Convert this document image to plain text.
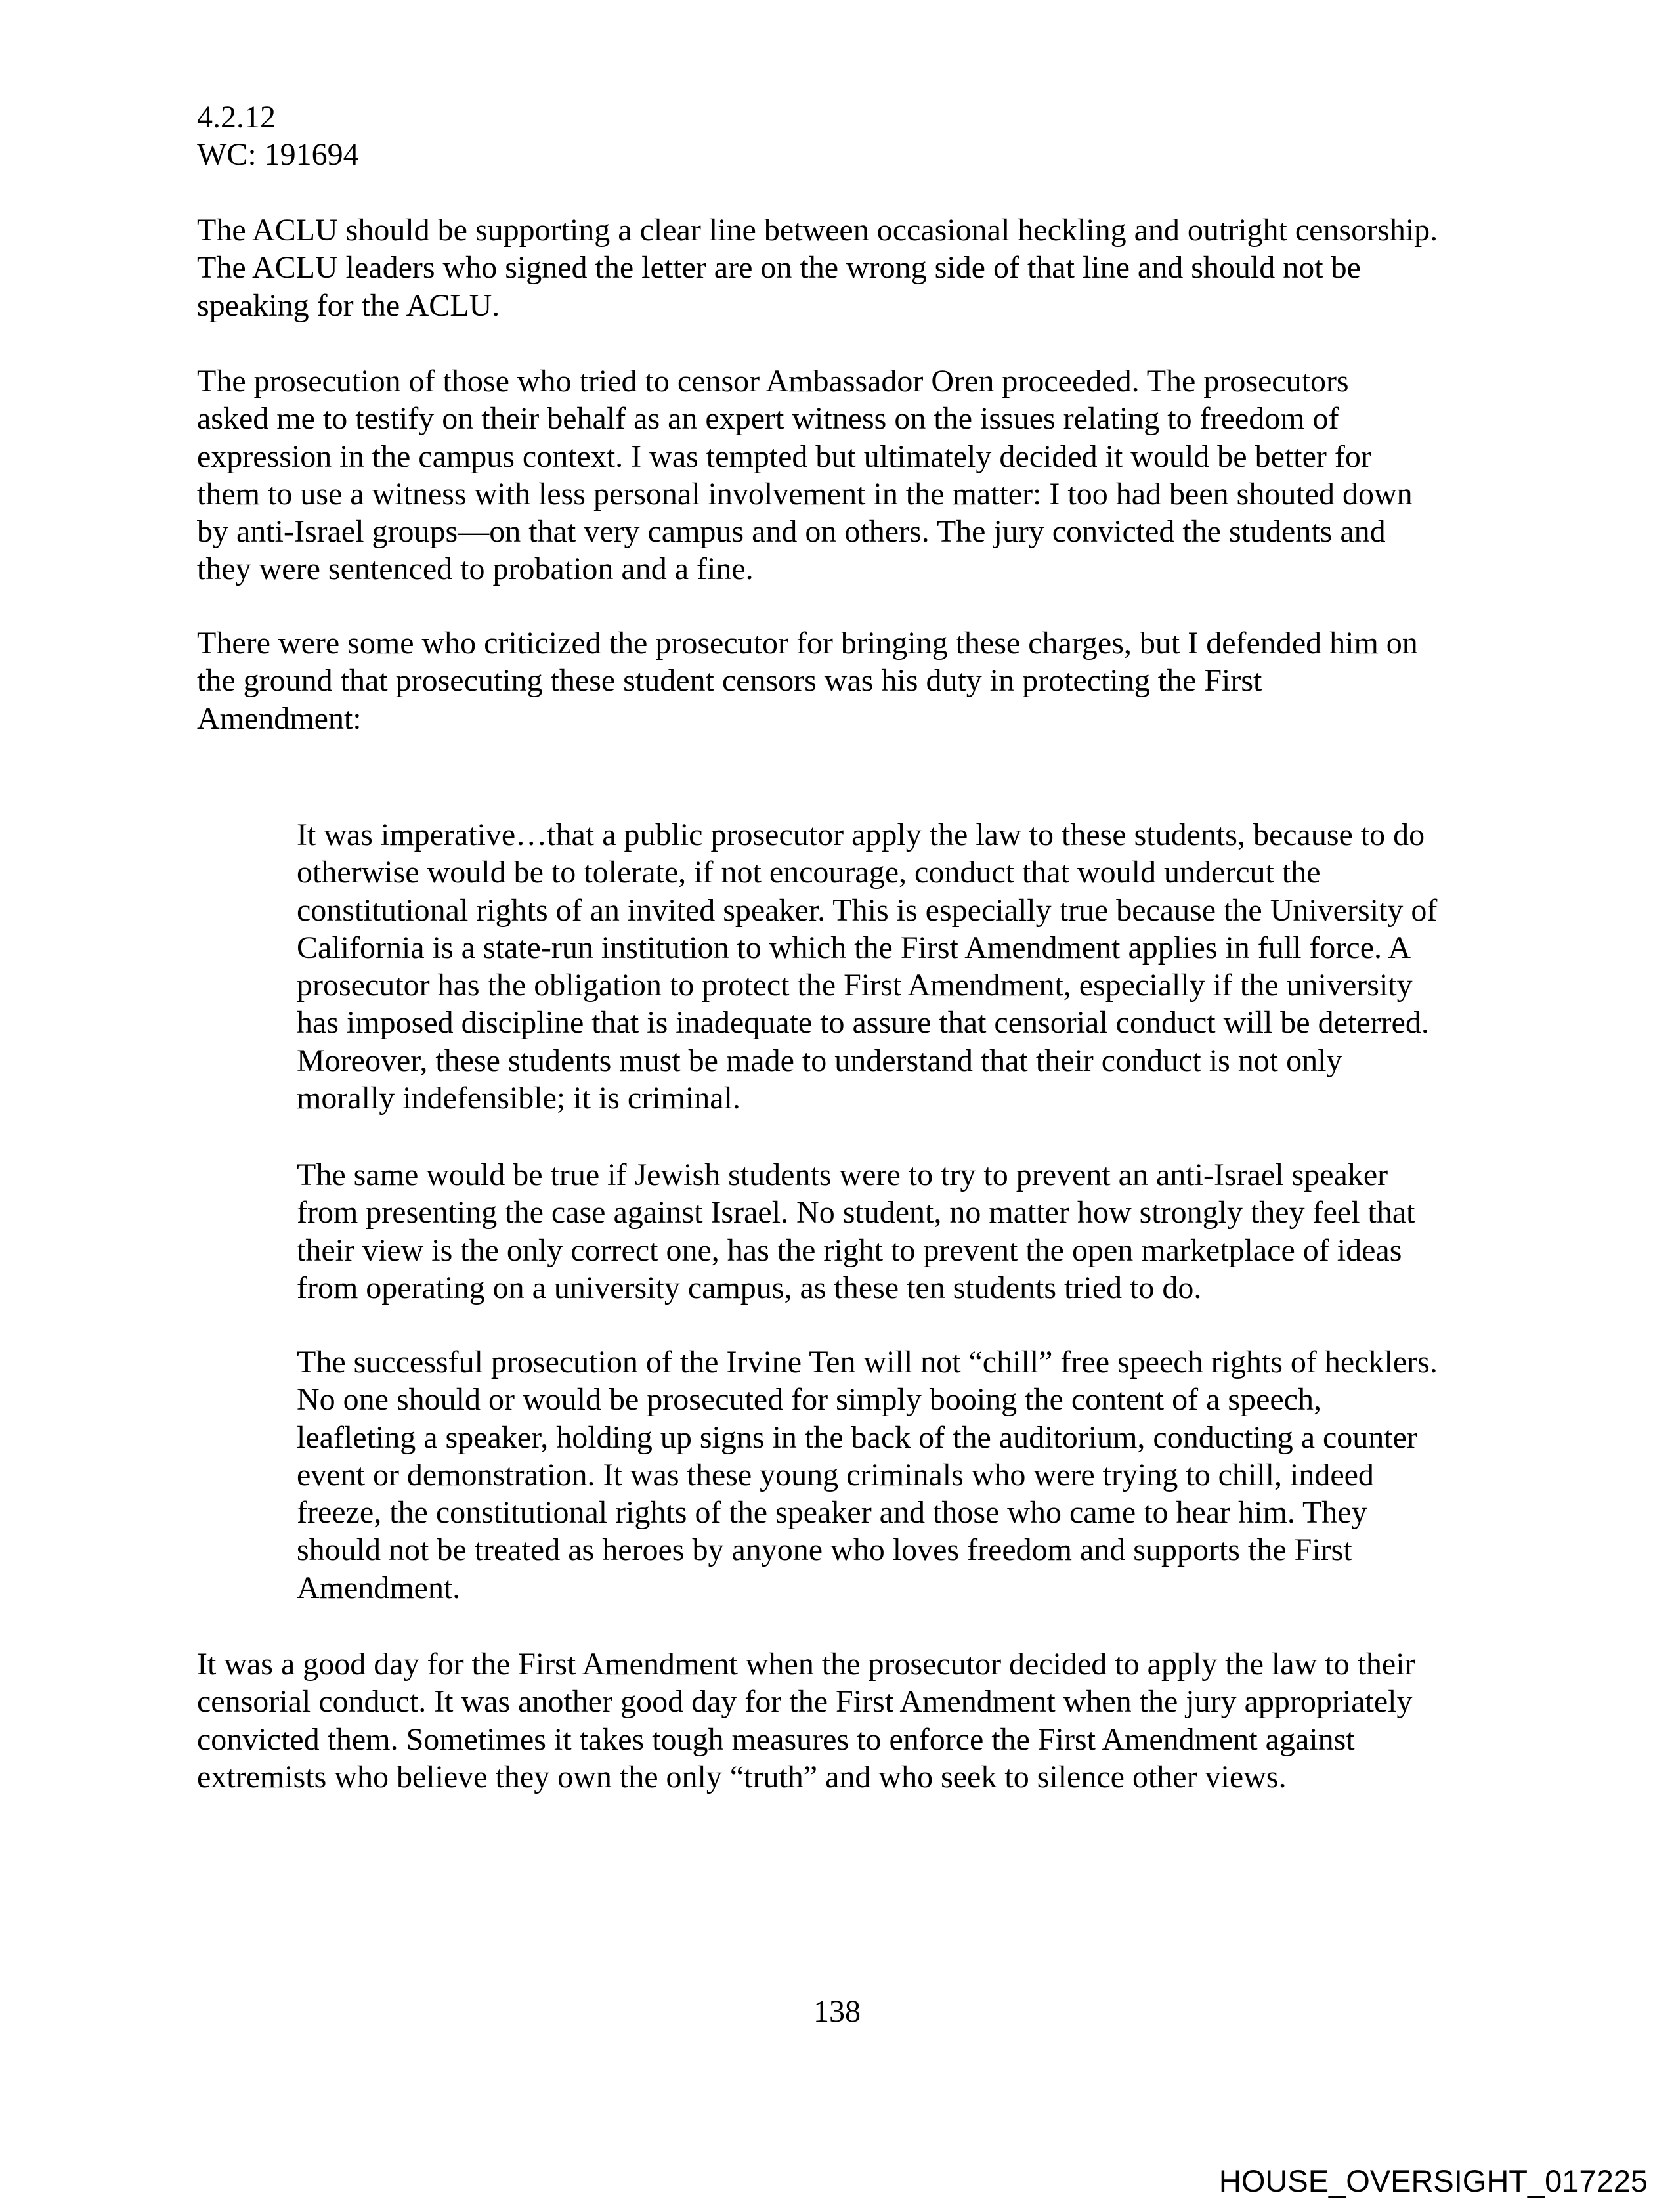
4.2.12
WC: 191694
The ACLU should be supporting a clear line between occasional heckling and outright censorship.
The ACLU leaders who signed the letter are on the wrong side of that line and should not be
speaking for the ACLU.
The prosecution of those who tried to censor Ambassador Oren proceeded. The prosecutors
asked me to testify on their behalf as an expert witness on the issues relating to freedom of
expression in the campus context. I was tempted but ultimately decided it would be better for
them to use a witness with less personal involvement in the matter: I too had been shouted down
by anti-Israel groups—on that very campus and on others. The jury convicted the students and
they were sentenced to probation and a fine.
There were some who criticized the prosecutor for bringing these charges, but I defended him on
the ground that prosecuting these student censors was his duty in protecting the First
Amendment:
It was imperative…that a public prosecutor apply the law to these students, because to do
otherwise would be to tolerate, if not encourage, conduct that would undercut the
constitutional rights of an invited speaker. This is especially true because the University of
California is a state-run institution to which the First Amendment applies in full force. A
prosecutor has the obligation to protect the First Amendment, especially if the university
has imposed discipline that is inadequate to assure that censorial conduct will be deterred.
Moreover, these students must be made to understand that their conduct is not only
morally indefensible; it is criminal.
The same would be true if Jewish students were to try to prevent an anti-Israel speaker
from presenting the case against Israel. No student, no matter how strongly they feel that
their view is the only correct one, has the right to prevent the open marketplace of ideas
from operating on a university campus, as these ten students tried to do.
The successful prosecution of the Irvine Ten will not “chill” free speech rights of hecklers.
No one should or would be prosecuted for simply booing the content of a speech,
leafleting a speaker, holding up signs in the back of the auditorium, conducting a counter
event or demonstration. It was these young criminals who were trying to chill, indeed
freeze, the constitutional rights of the speaker and those who came to hear him. They
should not be treated as heroes by anyone who loves freedom and supports the First
Amendment.
It was a good day for the First Amendment when the prosecutor decided to apply the law to their
censorial conduct. It was another good day for the First Amendment when the jury appropriately
convicted them. Sometimes it takes tough measures to enforce the First Amendment against
extremists who believe they own the only “truth” and who seek to silence other views.
138
HOUSE_OVERSIGHT_017225
